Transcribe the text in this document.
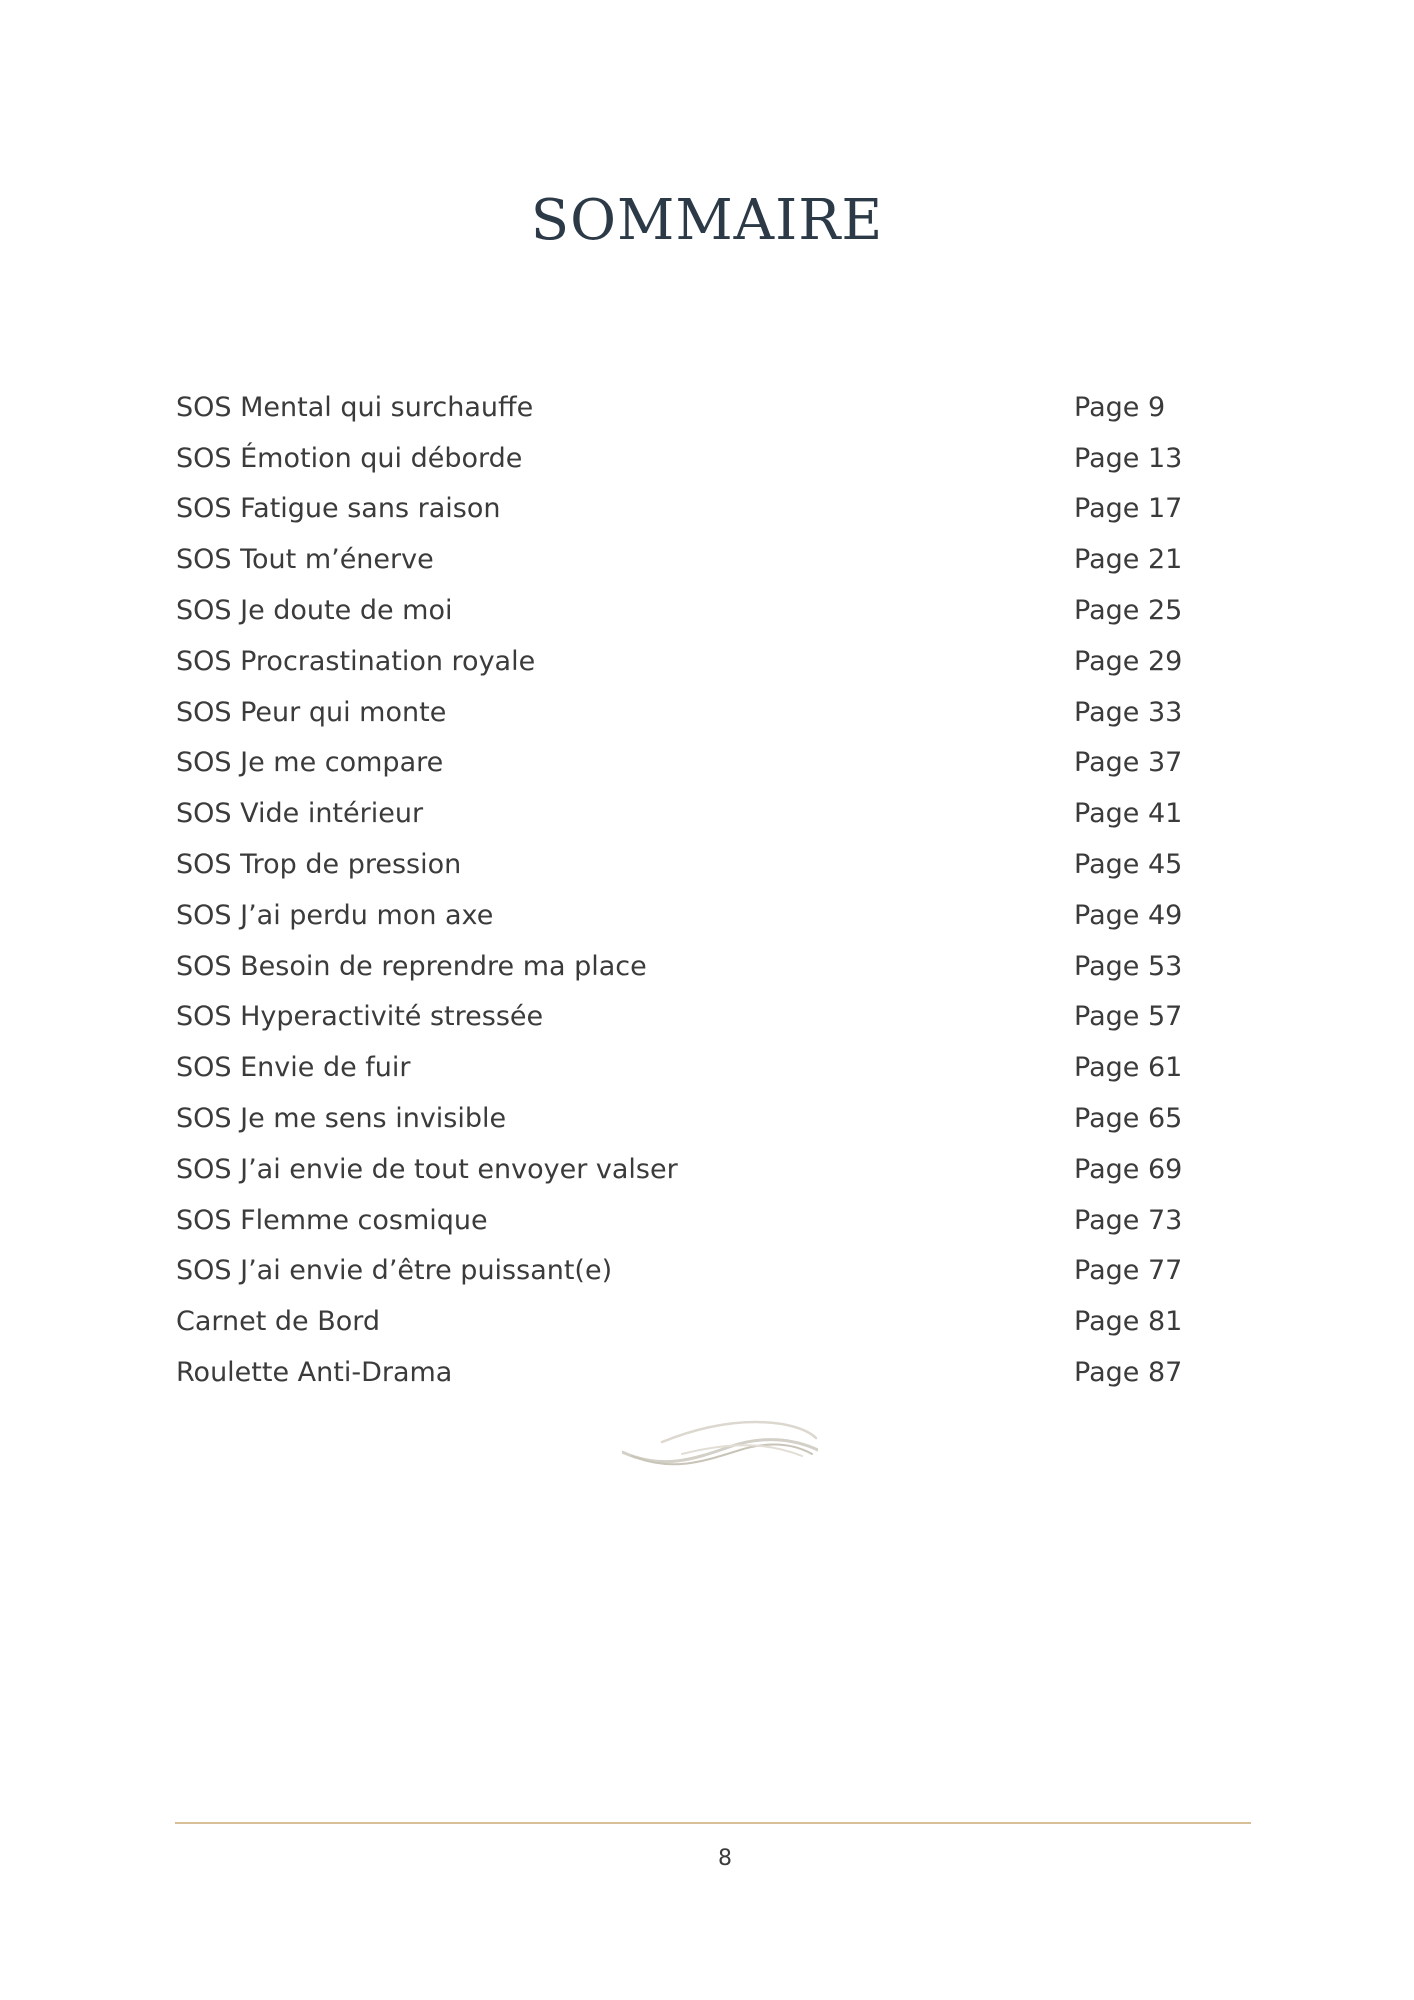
SOMMAIRE
SOS Mental qui surchauffe	Page 9
SOS Émotion qui déborde	Page 13
SOS Fatigue sans raison	Page 17
SOS Tout m’énerve	Page 21
SOS Je doute de moi	Page 25
SOS Procrastination royale	Page 29
SOS Peur qui monte	Page 33
SOS Je me compare	Page 37
SOS Vide intérieur	Page 41
SOS Trop de pression	Page 45
SOS J’ai perdu mon axe	Page 49
SOS Besoin de reprendre ma place	Page 53
SOS Hyperactivité stressée	Page 57
SOS Envie de fuir	Page 61
SOS Je me sens invisible	Page 65
SOS J’ai envie de tout envoyer valser	Page 69
SOS Flemme cosmique	Page 73
SOS J’ai envie d’être puissant(e)	Page 77
Carnet de Bord	Page 81
Roulette Anti-Drama	Page 87
8
